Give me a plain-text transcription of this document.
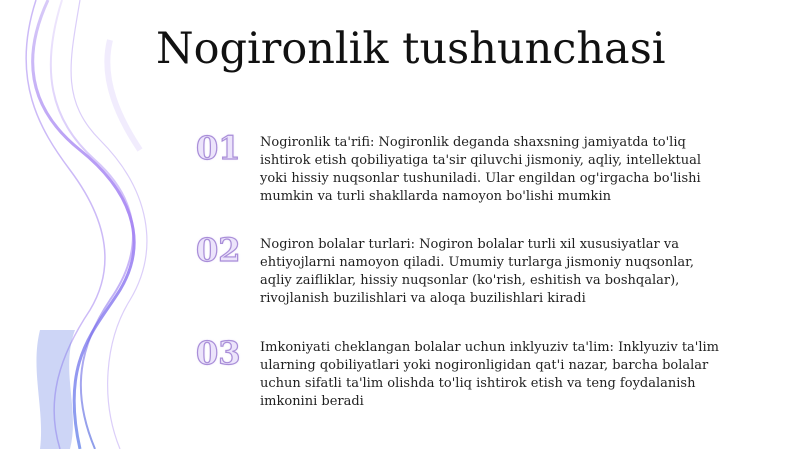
Nogironlik tushunchasi
01	Nogironlik ta'rifi: Nogironlik deganda shaxsning jamiyatda to'liq ishtirok etish qobiliyatiga ta'sir qiluvchi jismoniy, aqliy, intellektual yoki hissiy nuqsonlar tushuniladi. Ular engildan og'irgacha bo'lishi mumkin va turli shakllarda namoyon bo'lishi mumkin
02	Nogiron bolalar turlari: Nogiron bolalar turli xil xususiyatlar va ehtiyojlarni namoyon qiladi. Umumiy turlarga jismoniy nuqsonlar, aqliy zaifliklar, hissiy nuqsonlar (ko'rish, eshitish va boshqalar), rivojlanish buzilishlari va aloqa buzilishlari kiradi
03	Imkoniyati cheklangan bolalar uchun inklyuziv ta'lim: Inklyuziv ta'lim ularning qobiliyatlari yoki nogironligidan qat'i nazar, barcha bolalar uchun sifatli ta'lim olishda to'liq ishtirok etish va teng foydalanish imkonini beradi
